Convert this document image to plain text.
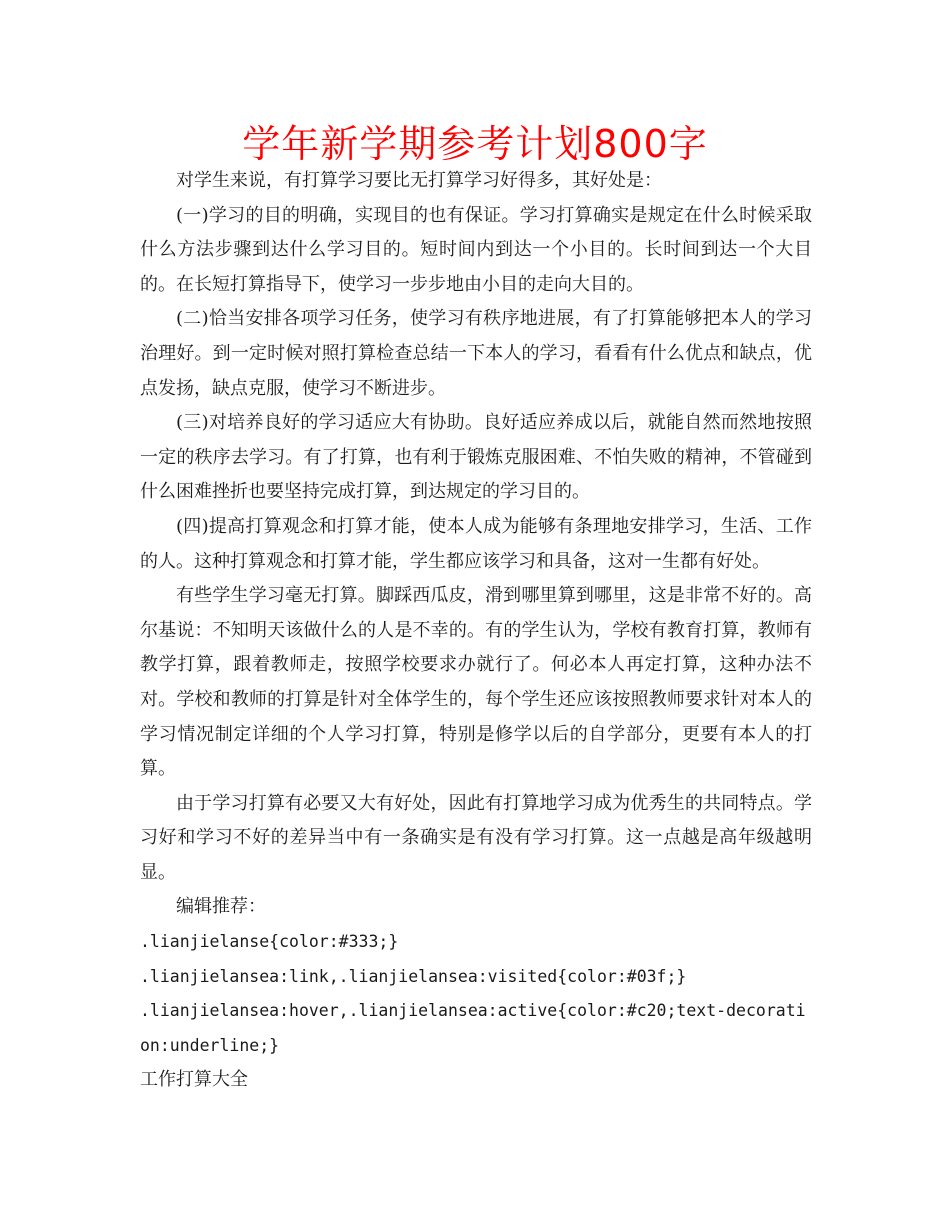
学年新学期参考计划800字

对学生来说，有打算学习要比无打算学习好得多，其好处是：

(一)学习的目的明确，实现目的也有保证。学习打算确实是规定在什么时候采取什么方法步骤到达什么学习目的。短时间内到达一个小目的。长时间到达一个大目的。在长短打算指导下，使学习一步步地由小目的走向大目的。

(二)恰当安排各项学习任务，使学习有秩序地进展，有了打算能够把本人的学习治理好。到一定时候对照打算检查总结一下本人的学习，看看有什么优点和缺点，优点发扬，缺点克服，使学习不断进步。

(三)对培养良好的学习适应大有协助。良好适应养成以后，就能自然而然地按照一定的秩序去学习。有了打算，也有利于锻炼克服困难、不怕失败的精神，不管碰到什么困难挫折也要坚持完成打算，到达规定的学习目的。

(四)提高打算观念和打算才能，使本人成为能够有条理地安排学习，生活、工作的人。这种打算观念和打算才能，学生都应该学习和具备，这对一生都有好处。

有些学生学习毫无打算。脚踩西瓜皮，滑到哪里算到哪里，这是非常不好的。高尔基说：不知明天该做什么的人是不幸的。有的学生认为，学校有教育打算，教师有教学打算，跟着教师走，按照学校要求办就行了。何必本人再定打算，这种办法不对。学校和教师的打算是针对全体学生的，每个学生还应该按照教师要求针对本人的学习情况制定详细的个人学习打算，特别是修学以后的自学部分，更要有本人的打算。

由于学习打算有必要又大有好处，因此有打算地学习成为优秀生的共同特点。学习好和学习不好的差异当中有一条确实是有没有学习打算。这一点越是高年级越明显。

编辑推荐：

.lianjielanse{color:#333;}

.lianjielansea:link,.lianjielansea:visited{color:#03f;}

.lianjielansea:hover,.lianjielansea:active{color:#c20;text-decoration:underline;}

工作打算大全
